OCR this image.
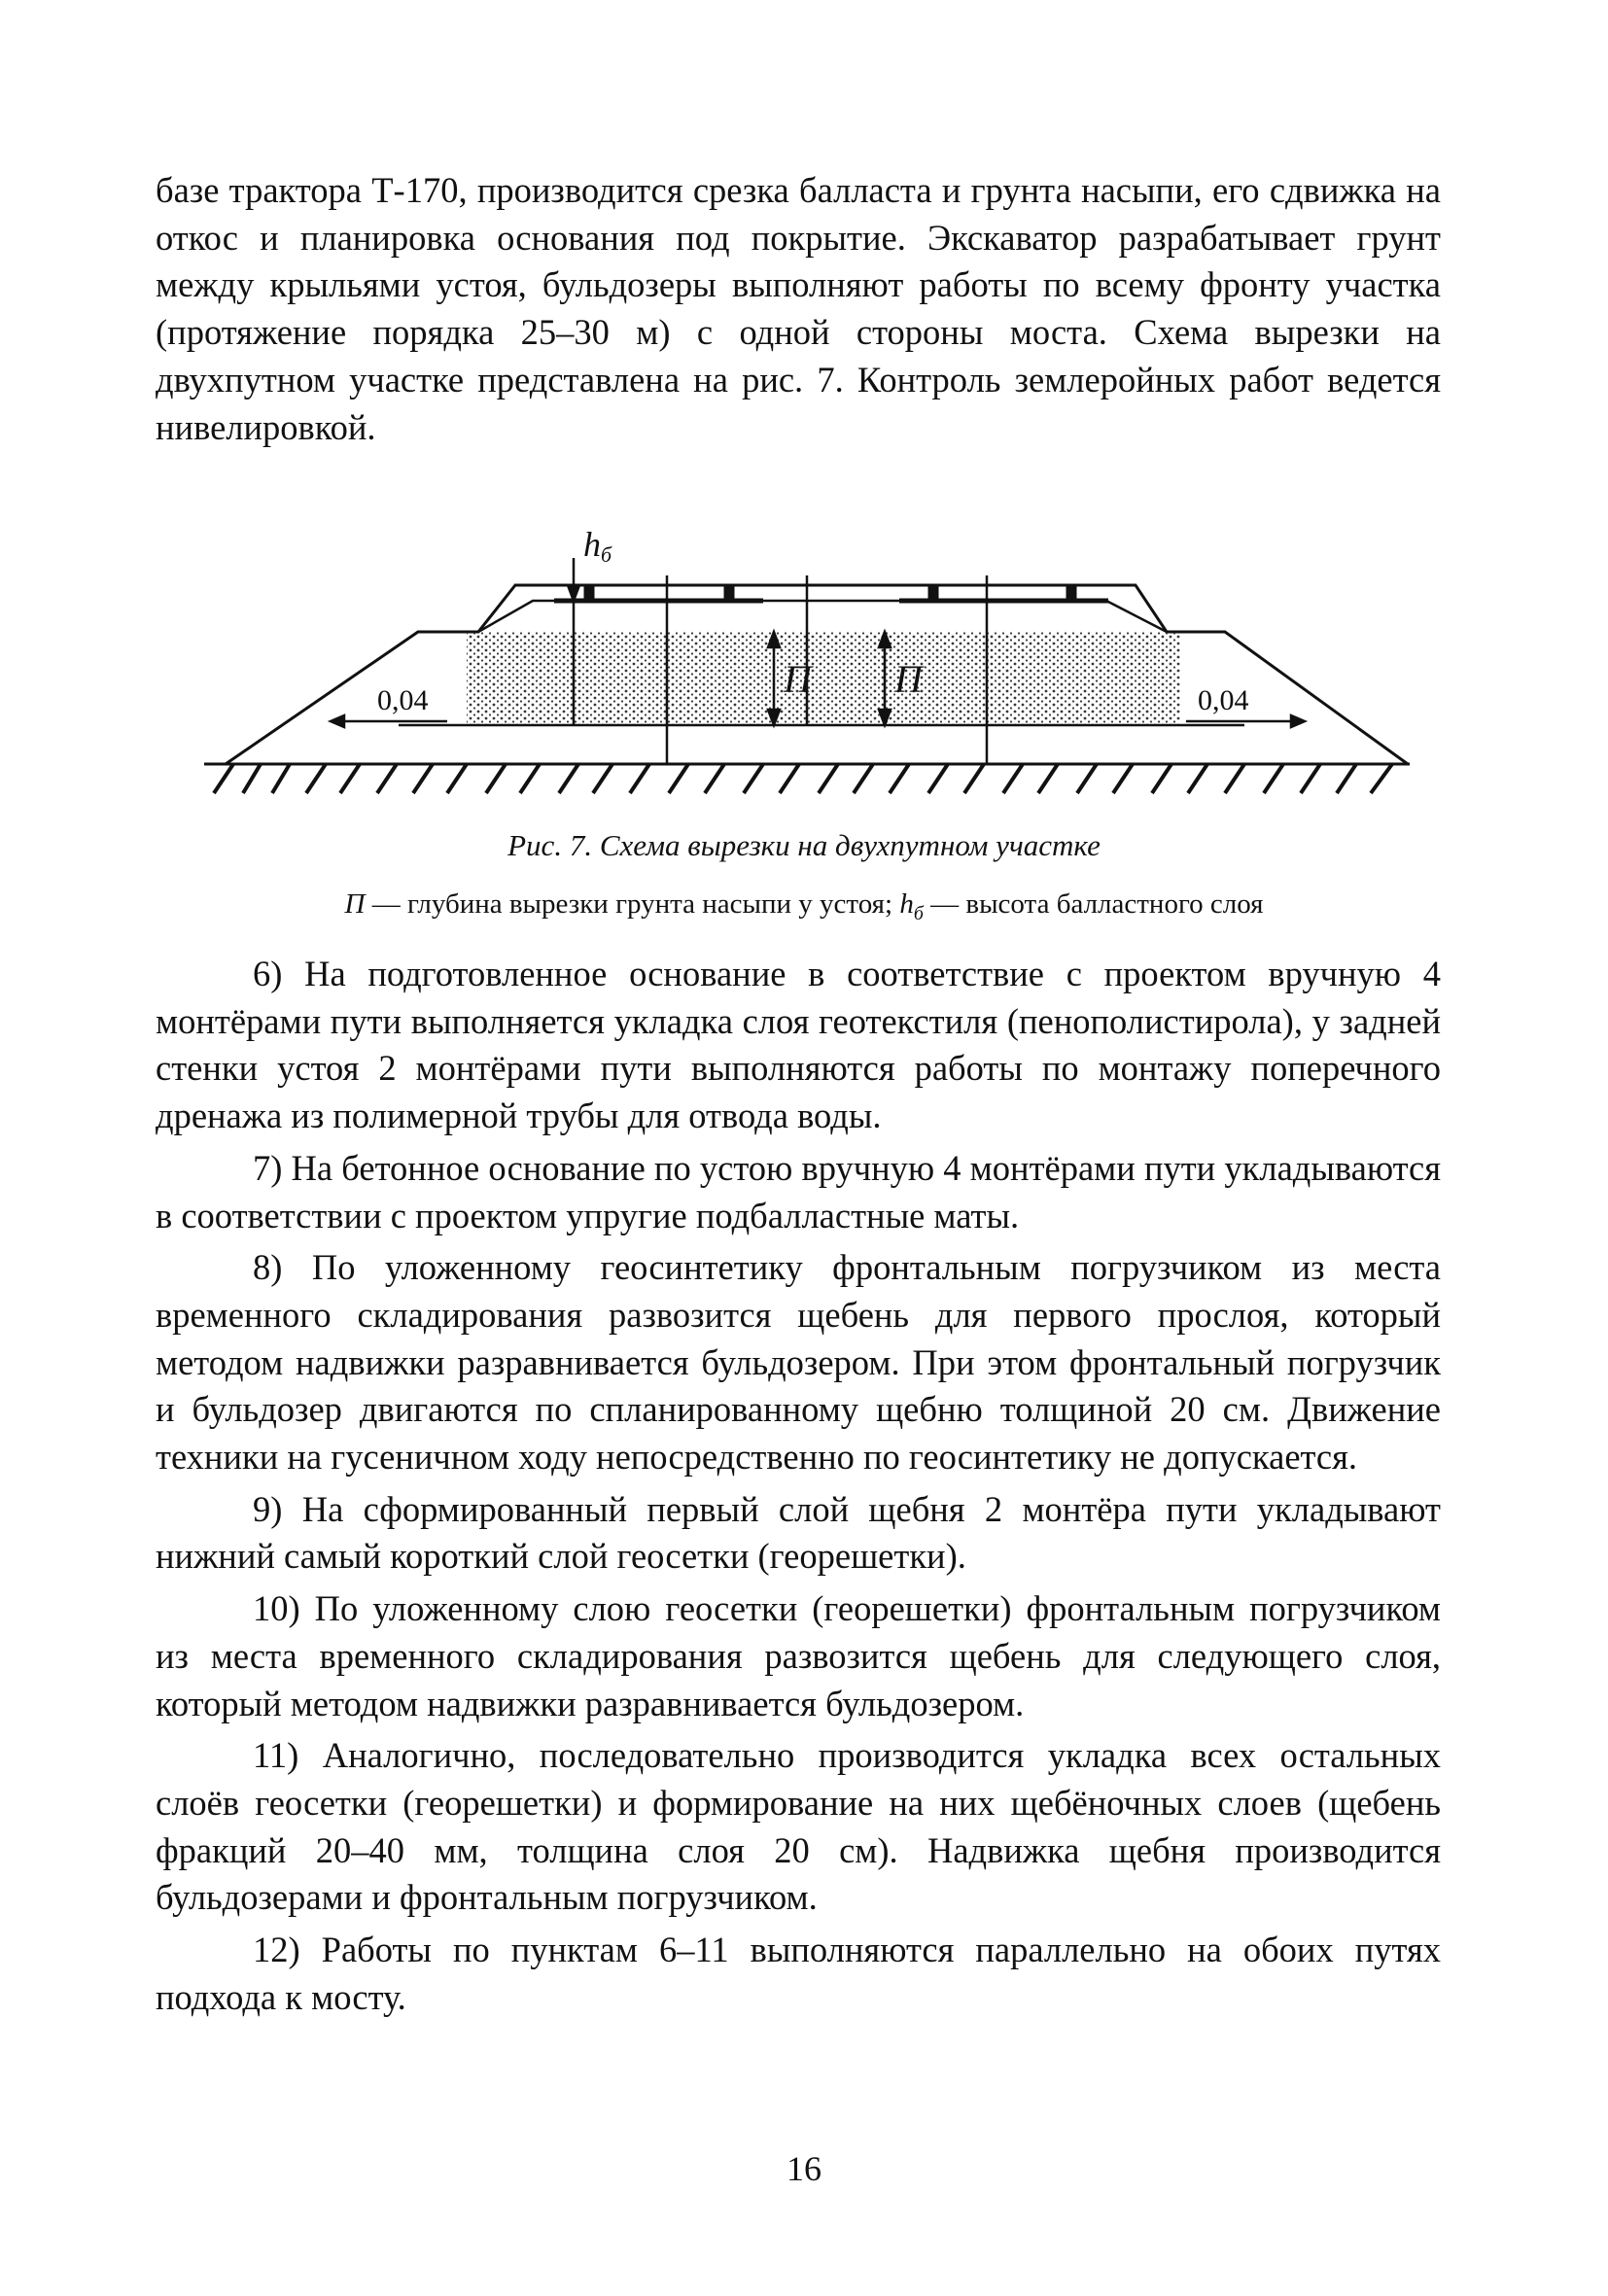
базе трактора Т-170, производится срезка балласта и грунта насыпи, его сдвижка на откос и планировка основания под покрытие. Экскаватор разрабатывает грунт между крыльями устоя, бульдозеры выполняют работы по всему фронту участка (протяжение порядка 25–30 м) с одной стороны моста. Схема вырезки на двухпутном участке представлена на рис. 7. Контроль землеройных работ ведется нивелировкой.

hб
П П
0,04	0,04
Рис. 7. Схема вырезки на двухпутном участке
П — глубина вырезки грунта насыпи у устоя; $h_б$ — высота балластного слоя

6) На подготовленное основание в соответствие с проектом вручную 4 монтёрами пути выполняется укладка слоя геотекстиля (пенополистирола), у задней стенки устоя 2 монтёрами пути выполняются работы по монтажу поперечного дренажа из полимерной трубы для отвода воды.

7) На бетонное основание по устою вручную 4 монтёрами пути укладываются в соответствии с проектом упругие подбалластные маты.

8) По уложенному геосинтетику фронтальным погрузчиком из места временного складирования развозится щебень для первого прослоя, который методом надвижки разравнивается бульдозером. При этом фронтальный погрузчик и бульдозер двигаются по спланированному щебню толщиной 20 см. Движение техники на гусеничном ходу непосредственно по геосинтетику не допускается.

9) На сформированный первый слой щебня 2 монтёра пути укладывают нижний самый короткий слой геосетки (георешетки).

10) По уложенному слою геосетки (георешетки) фронтальным погрузчиком из места временного складирования развозится щебень для следующего слоя, который методом надвижки разравнивается бульдозером.

11) Аналогично, последовательно производится укладка всех остальных слоёв геосетки (георешетки) и формирование на них щебёночных слоев (щебень фракций 20–40 мм, толщина слоя 20 см). Надвижка щебня производится бульдозерами и фронтальным погрузчиком.

12) Работы по пунктам 6–11 выполняются параллельно на обоих путях подхода к мосту.

16
